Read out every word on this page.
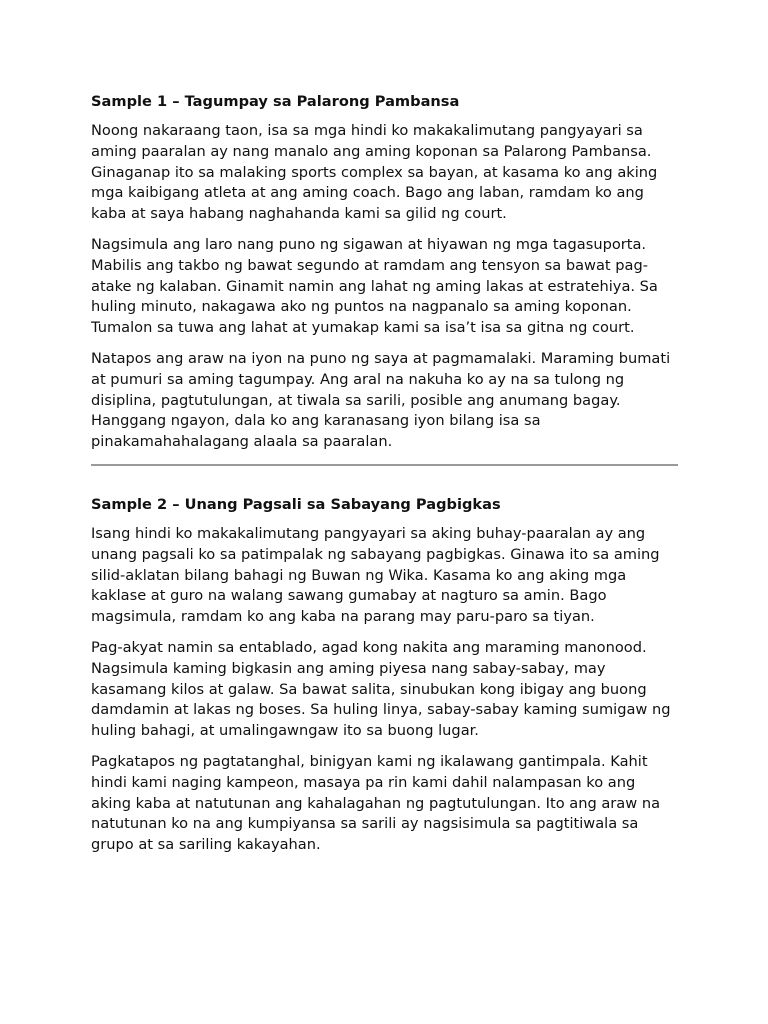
Sample 1 – Tagumpay sa Palarong Pambansa

Noong nakaraang taon, isa sa mga hindi ko makakalimutang pangyayari sa aming paaralan ay nang manalo ang aming koponan sa Palarong Pambansa. Ginaganap ito sa malaking sports complex sa bayan, at kasama ko ang aking mga kaibigang atleta at ang aming coach. Bago ang laban, ramdam ko ang kaba at saya habang naghahanda kami sa gilid ng court.

Nagsimula ang laro nang puno ng sigawan at hiyawan ng mga tagasuporta. Mabilis ang takbo ng bawat segundo at ramdam ang tensyon sa bawat pag-atake ng kalaban. Ginamit namin ang lahat ng aming lakas at estratehiya. Sa huling minuto, nakagawa ako ng puntos na nagpanalo sa aming koponan. Tumalon sa tuwa ang lahat at yumakap kami sa isa’t isa sa gitna ng court.

Natapos ang araw na iyon na puno ng saya at pagmamalaki. Maraming bumati at pumuri sa aming tagumpay. Ang aral na nakuha ko ay na sa tulong ng disiplina, pagtutulungan, at tiwala sa sarili, posible ang anumang bagay. Hanggang ngayon, dala ko ang karanasang iyon bilang isa sa pinakamahahalagang alaala sa paaralan.

Sample 2 – Unang Pagsali sa Sabayang Pagbigkas

Isang hindi ko makakalimutang pangyayari sa aking buhay-paaralan ay ang unang pagsali ko sa patimpalak ng sabayang pagbigkas. Ginawa ito sa aming silid-aklatan bilang bahagi ng Buwan ng Wika. Kasama ko ang aking mga kaklase at guro na walang sawang gumabay at nagturo sa amin. Bago magsimula, ramdam ko ang kaba na parang may paru-paro sa tiyan.

Pag-akyat namin sa entablado, agad kong nakita ang maraming manonood. Nagsimula kaming bigkasin ang aming piyesa nang sabay-sabay, may kasamang kilos at galaw. Sa bawat salita, sinubukan kong ibigay ang buong damdamin at lakas ng boses. Sa huling linya, sabay-sabay kaming sumigaw ng huling bahagi, at umalingawngaw ito sa buong lugar.

Pagkatapos ng pagtatanghal, binigyan kami ng ikalawang gantimpala. Kahit hindi kami naging kampeon, masaya pa rin kami dahil nalampasan ko ang aking kaba at natutunan ang kahalagahan ng pagtutulungan. Ito ang araw na natutunan ko na ang kumpiyansa sa sarili ay nagsisimula sa pagtitiwala sa grupo at sa sariling kakayahan.
